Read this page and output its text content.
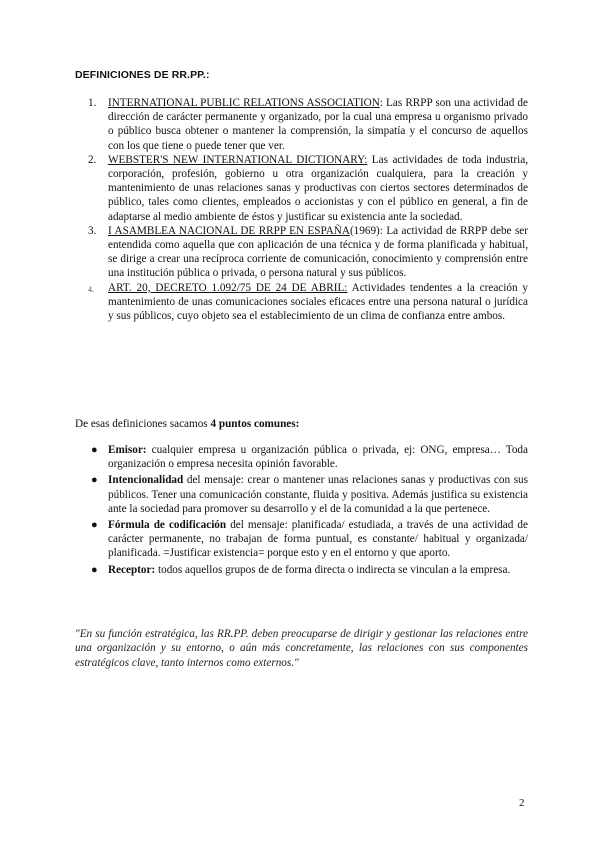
DEFINICIONES DE RR.PP.:
1. INTERNATIONAL PUBLIC RELATIONS ASSOCIATION: Las RRPP son una actividad de dirección de carácter permanente y organizado, por la cual una empresa u organismo privado o público busca obtener o mantener la comprensión, la simpatía y el concurso de aquellos con los que tiene o puede tener que ver.
2. WEBSTER'S NEW INTERNATIONAL DICTIONARY: Las actividades de toda industria, corporación, profesión, gobierno u otra organización cualquiera, para la creación y mantenimiento de unas relaciones sanas y productivas con ciertos sectores determinados de público, tales como clientes, empleados o accionistas y con el público en general, a fin de adaptarse al medio ambiente de éstos y justificar su existencia ante la sociedad.
3. I ASAMBLEA NACIONAL DE RRPP EN ESPAÑA(1969): La actividad de RRPP debe ser entendida como aquella que con aplicación de una técnica y de forma planificada y habitual, se dirige a crear una recíproca corriente de comunicación, conocimiento y comprensión entre una institución pública o privada, o persona natural y sus públicos.
4. ART. 20, DECRETO 1.092/75 DE 24 DE ABRIL: Actividades tendentes a la creación y mantenimiento de unas comunicaciones sociales eficaces entre una persona natural o jurídica y sus públicos, cuyo objeto sea el establecimiento de un clima de confianza entre ambos.
De esas definiciones sacamos 4 puntos comunes:
● Emisor: cualquier empresa u organización pública o privada, ej: ONG, empresa… Toda organización o empresa necesita opinión favorable.
● Intencionalidad del mensaje: crear o mantener unas relaciones sanas y productivas con sus públicos. Tener una comunicación constante, fluida y positiva. Además justifica su existencia ante la sociedad para promover su desarrollo y el de la comunidad a la que pertenece.
● Fórmula de codificación del mensaje: planificada/ estudiada, a través de una actividad de carácter permanente, no trabajan de forma puntual, es constante/ habitual y organizada/ planificada. =Justificar existencia= porque esto y en el entorno y que aporto.
● Receptor: todos aquellos grupos de de forma directa o indirecta se vinculan a la empresa.
"En su función estratégica, las RR.PP. deben preocuparse de dirigir y gestionar las relaciones entre una organización y su entorno, o aún más concretamente, las relaciones con sus componentes estratégicos clave, tanto internos como externos."
2
